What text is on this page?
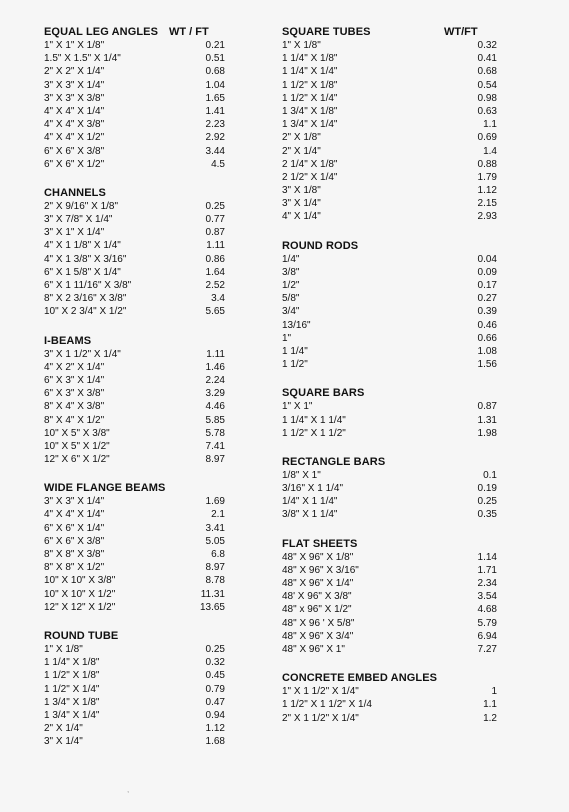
EQUAL LEG ANGLES WT / FT
1" X 1" X 1/8"	0.21
1.5" X 1.5" X 1/4"	0.51
2" X 2" X 1/4"	0.68
3" X 3" X 1/4"	1.04
3" X 3" X 3/8"	1.65
4" X 4" X 1/4"	1.41
4" X 4" X 3/8"	2.23
4" X 4" X 1/2"	2.92
6" X 6" X 3/8"	3.44
6" X 6" X 1/2"	4.5
CHANNELS
2" X 9/16" X 1/8"	0.25
3" X 7/8" X 1/4"	0.77
3" X 1" X 1/4"	0.87
4" X 1 1/8" X 1/4"	1.11
4" X 1 3/8" X 3/16"	0.86
6" X 1 5/8" X 1/4"	1.64
6" X 1 11/16" X 3/8"	2.52
8" X 2 3/16" X 3/8"	3.4
10" X 2 3/4" X 1/2"	5.65
I-BEAMS
3" X 1 1/2" X 1/4"	1.11
4" X 2" X 1/4"	1.46
6" X 3" X 1/4"	2.24
6" X 3" X 3/8"	3.29
8" X 4" X 3/8"	4.46
8" X 4" X 1/2"	5.85
10" X 5" X 3/8"	5.78
10" X 5" X 1/2"	7.41
12" X 6" X 1/2"	8.97
WIDE FLANGE BEAMS
3" X 3" X 1/4"	1.69
4" X 4" X 1/4"	2.1
6" X 6" X 1/4"	3.41
6" X 6" X 3/8"	5.05
8" X 8" X 3/8"	6.8
8" X 8" X 1/2"	8.97
10" X 10" X 3/8"	8.78
10" X 10" X 1/2"	11.31
12" X 12" X 1/2"	13.65
ROUND TUBE
1" X 1/8"	0.25
1 1/4" X 1/8"	0.32
1 1/2" X 1/8"	0.45
1 1/2" X 1/4"	0.79
1 3/4" X 1/8"	0.47
1 3/4" X 1/4"	0.94
2" X 1/4"	1.12
3" X 1/4"	1.68
SQUARE TUBES	WT/FT
1" X 1/8"	0.32
1 1/4" X 1/8"	0.41
1 1/4" X 1/4"	0.68
1 1/2" X 1/8"	0.54
1 1/2" X 1/4"	0.98
1 3/4" X 1/8"	0.63
1 3/4" X 1/4"	1.1
2" X 1/8"	0.69
2" X 1/4"	1.4
2 1/4" X 1/8"	0.88
2 1/2" X 1/4"	1.79
3" X 1/8"	1.12
3" X 1/4"	2.15
4" X 1/4"	2.93
ROUND RODS
1/4"	0.04
3/8"	0.09
1/2"	0.17
5/8"	0.27
3/4"	0.39
13/16"	0.46
1"	0.66
1 1/4"	1.08
1 1/2"	1.56
SQUARE BARS
1" X 1"	0.87
1 1/4" X 1 1/4"	1.31
1 1/2" X 1 1/2"	1.98
RECTANGLE BARS
1/8" X 1"	0.1
3/16" X 1 1/4"	0.19
1/4" X 1 1/4"	0.25
3/8" X 1 1/4"	0.35
FLAT SHEETS
48" X 96" X 1/8"	1.14
48" X 96" X 3/16"	1.71
48" X 96" X 1/4"	2.34
48' X 96" X 3/8"	3.54
48" x 96" X 1/2"	4.68
48" X 96 ' X 5/8"	5.79
48" X 96" X 3/4"	6.94
48" X 96" X 1"	7.27
CONCRETE EMBED ANGLES
1" X 1 1/2" X 1/4"	1
1 1/2" X 1 1/2" X 1/4	1.1
2" X 1 1/2" X 1/4"	1.2
,
